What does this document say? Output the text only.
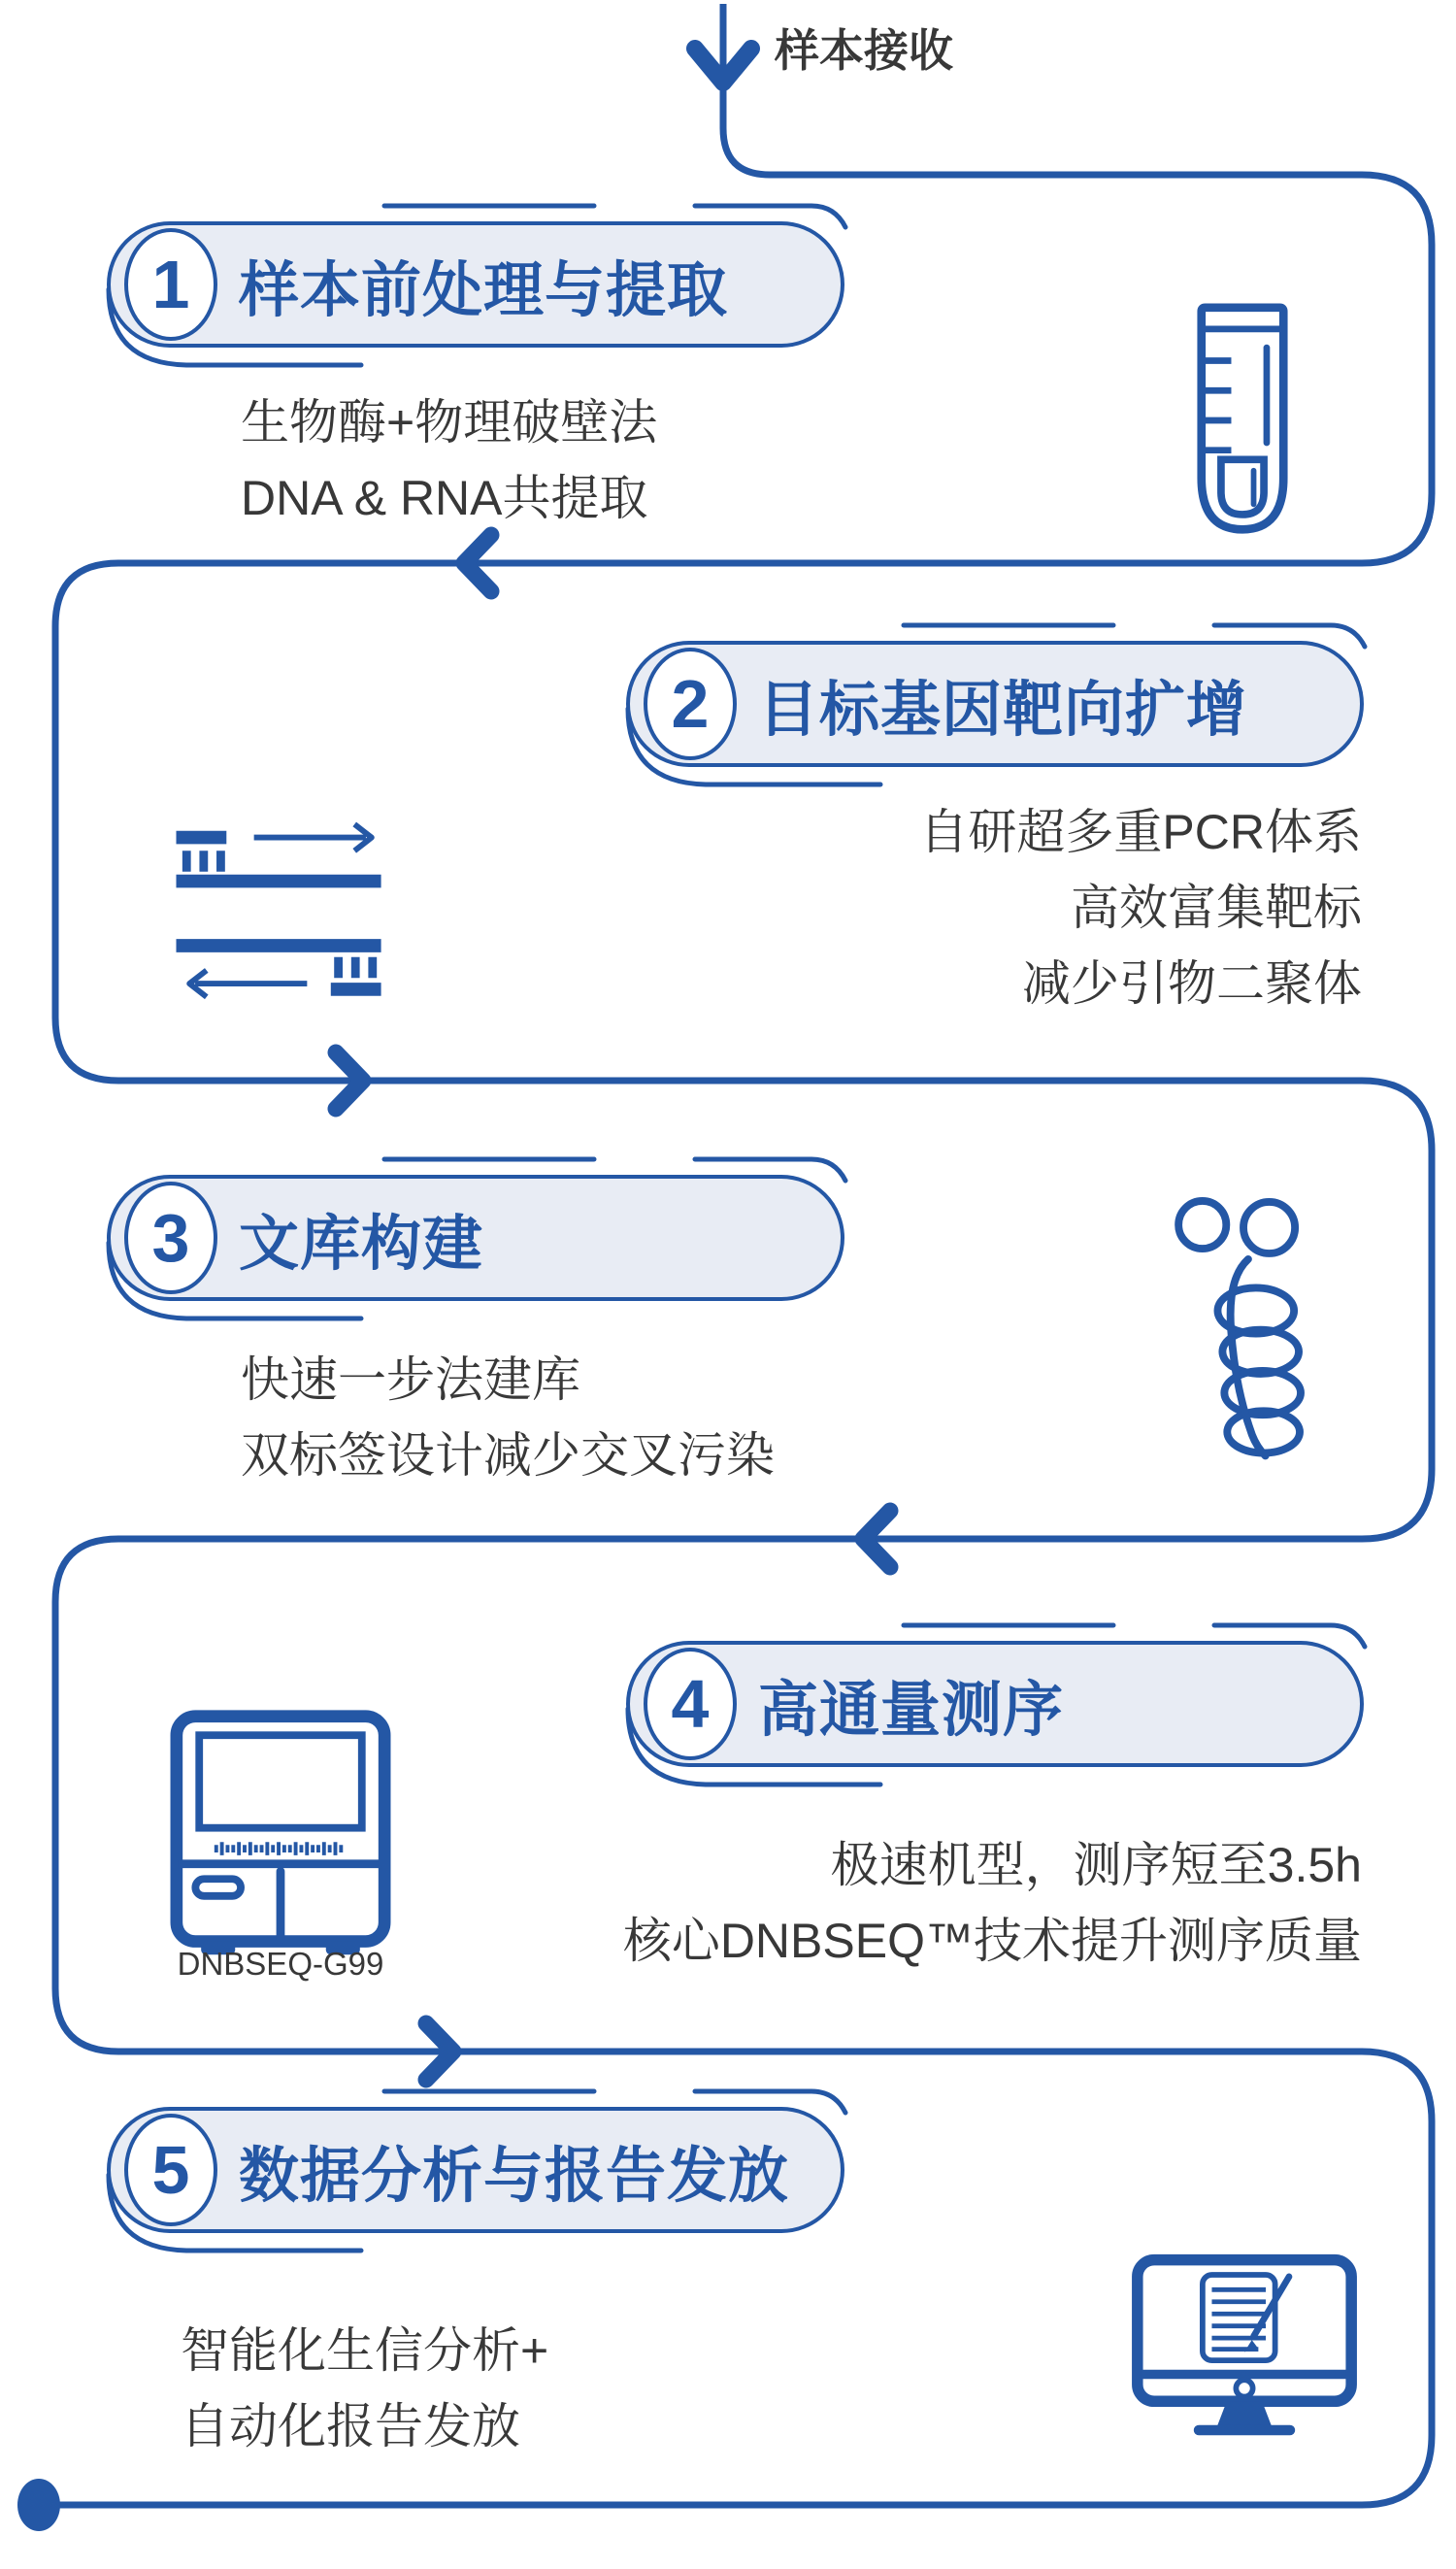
样本接收
1 样本前处理与提取
生物酶+物理破壁法
DNA & RNA共提取
2 目标基因靶向扩增
自研超多重PCR体系
高效富集靶标
减少引物二聚体
3 文库构建
快速一步法建库
双标签设计减少交叉污染
4 高通量测序
极速机型，测序短至3.5h
核心DNBSEQ™技术提升测序质量
DNBSEQ-G99
5 数据分析与报告发放
智能化生信分析+
自动化报告发放
